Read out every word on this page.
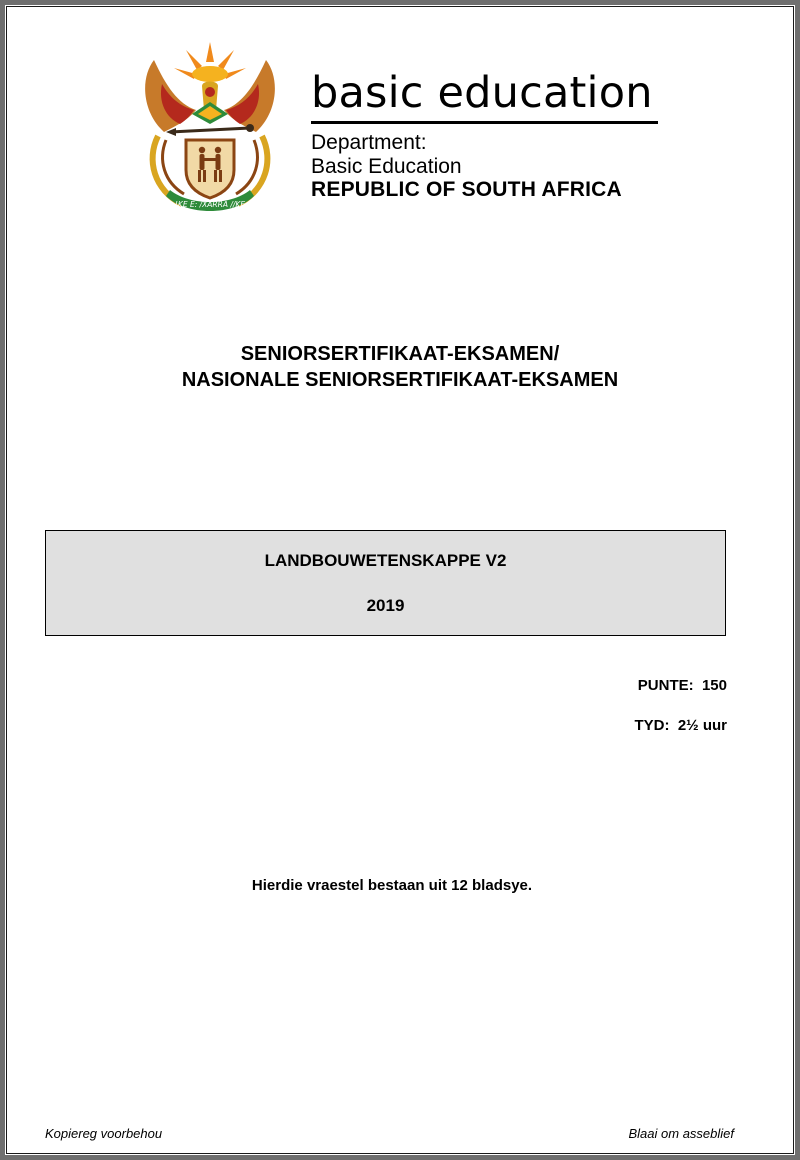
!KE E: /XARRA //KE
basic education
Department:
Basic Education
REPUBLIC OF SOUTH AFRICA
SENIORSERTIFIKAAT-EKSAMEN/
NASIONALE SENIORSERTIFIKAAT-EKSAMEN
LANDBOUWETENSKAPPE V2
2019
PUNTE:  150
TYD:  2½ uur
Hierdie vraestel bestaan uit 12 bladsye.
Kopiereg voorbehou	Blaai om asseblief
